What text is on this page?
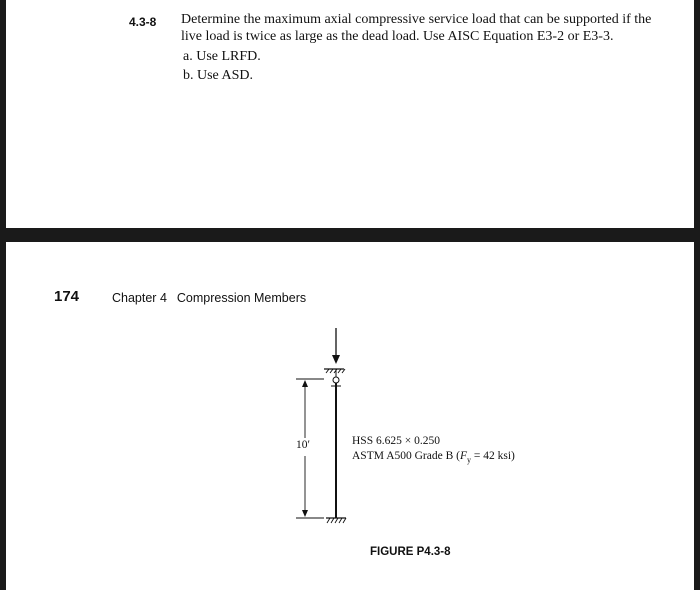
4.3-8 Determine the maximum axial compressive service load that can be supported if the
live load is twice as large as the dead load. Use AISC Equation E3-2 or E3-3.
a. Use LRFD.
b. Use ASD.
174	Chapter 4 Compression Members
10′	HSS 6.625 × 0.250
ASTM A500 Grade B ($F_y = 42$ ksi)
FIGURE P4.3-8
